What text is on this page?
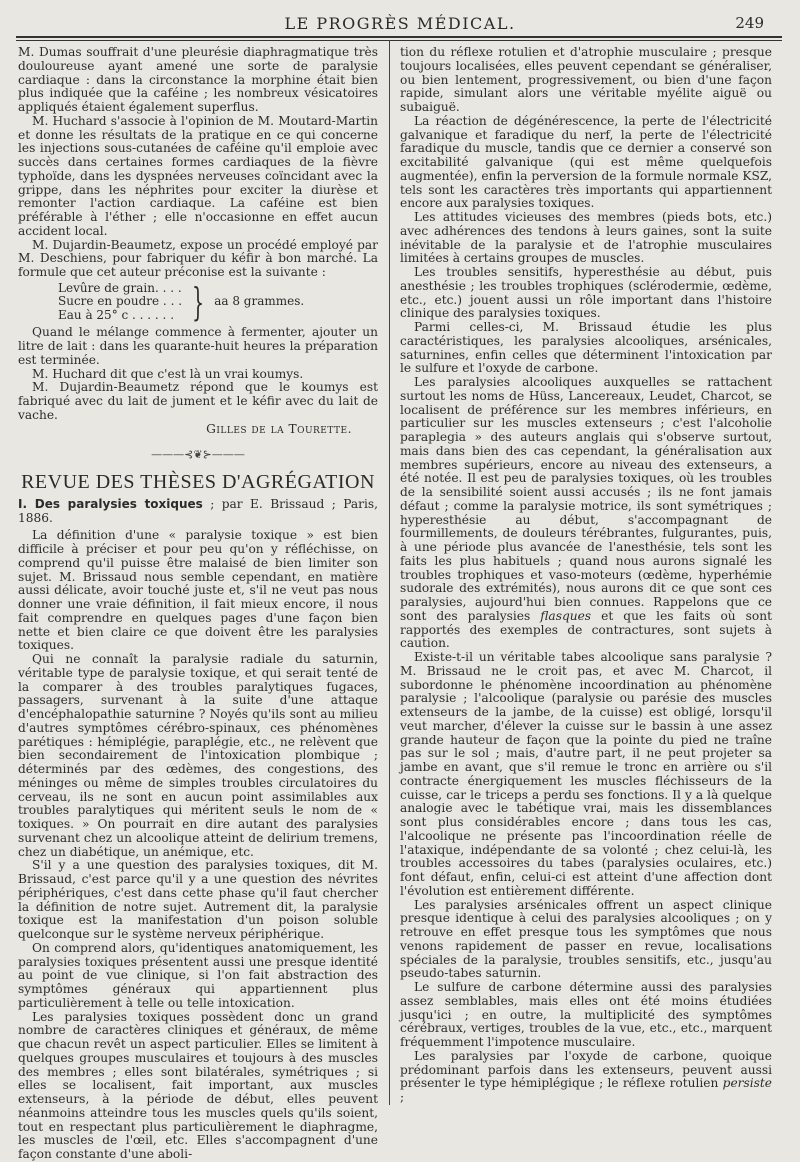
LE PROGRÈS MÉDICAL.	249

M. Dumas souffrait d'une pleurésie diaphragmatique très douloureuse ayant amené une sorte de paralysie cardiaque : dans la circonstance la morphine était bien plus indiquée que la caféine ; les nombreux vésicatoires appliqués étaient également superflus.

M. Huchard s'associe à l'opinion de M. Moutard-Martin et donne les résultats de la pratique en ce qui concerne les injections sous-cutanées de caféine qu'il emploie avec succès dans certaines formes cardiaques de la fièvre typhoïde, dans les dyspnées nerveuses coïncidant avec la grippe, dans les néphrites pour exciter la diurèse et remonter l'action cardiaque. La caféine est bien préférable à l'éther ; elle n'occasionne en effet aucun accident local.

M. Dujardin-Beaumetz, expose un procédé employé par M. Deschiens, pour fabriquer du kéfir à bon marché. La formule que cet auteur préconise est la suivante :

Levûre de grain. . . .
Sucre en poudre . . .
Eau à 25° c . . . . . . } aa 8 grammes.

Quand le mélange commence à fermenter, ajouter un litre de lait : dans les quarante-huit heures la préparation est terminée.

M. Huchard dit que c'est là un vrai koumys.

M. Dujardin-Beaumetz répond que le koumys est fabriqué avec du lait de jument et le kéfir avec du lait de vache.

Gilles de la Tourette.
———⊰❦⊱———
REVUE DES THÈSES D'AGRÉGATION

I. Des paralysies toxiques ; par E. Brissaud ; Paris, 1886.

La définition d'une « paralysie toxique » est bien difficile à préciser et pour peu qu'on y réfléchisse, on comprend qu'il puisse être malaisé de bien limiter son sujet. M. Brissaud nous semble cependant, en matière aussi délicate, avoir touché juste et, s'il ne veut pas nous donner une vraie définition, il fait mieux encore, il nous fait comprendre en quelques pages d'une façon bien nette et bien claire ce que doivent être les paralysies toxiques.

Qui ne connaît la paralysie radiale du saturnin, véritable type de paralysie toxique, et qui serait tenté de la comparer à des troubles paralytiques fugaces, passagers, survenant à la suite d'une attaque d'encéphalopathie saturnine ? Noyés qu'ils sont au milieu d'autres symptômes cérébro-spinaux, ces phénomènes parétiques : hémiplégie, paraplégie, etc., ne relèvent que bien secondairement de l'intoxication plombique ; déterminés par des œdèmes, des congestions, des méninges ou même de simples troubles circulatoires du cerveau, ils ne sont en aucun point assimilables aux troubles paralytiques qui méritent seuls le nom de « toxiques. » On pourrait en dire autant des paralysies survenant chez un alcoolique atteint de delirium tremens, chez un diabétique, un anémique, etc.

S'il y a une question des paralysies toxiques, dit M. Brissaud, c'est parce qu'il y a une question des névrites périphériques, c'est dans cette phase qu'il faut chercher la définition de notre sujet. Autrement dit, la paralysie toxique est la manifestation d'un poison soluble quelconque sur le système nerveux périphérique.

On comprend alors, qu'identiques anatomiquement, les paralysies toxiques présentent aussi une presque identité au point de vue clinique, si l'on fait abstraction des symptômes généraux qui appartiennent plus particulièrement à telle ou telle intoxication.

Les paralysies toxiques possèdent donc un grand nombre de caractères cliniques et généraux, de même que chacun revêt un aspect particulier. Elles se limitent à quelques groupes musculaires et toujours à des muscles des membres ; elles sont bilatérales, symétriques ; si elles se localisent, fait important, aux muscles extenseurs, à la période de début, elles peuvent néanmoins atteindre tous les muscles quels qu'ils soient, tout en respectant plus particulièrement le diaphragme, les muscles de l'œil, etc. Elles s'accompagnent d'une façon constante d'une aboli-

tion du réflexe rotulien et d'atrophie musculaire ; presque toujours localisées, elles peuvent cependant se généraliser, ou bien lentement, progressivement, ou bien d'une façon rapide, simulant alors une véritable myélite aiguë ou subaiguë.

La réaction de dégénérescence, la perte de l'électricité galvanique et faradique du nerf, la perte de l'électricité faradique du muscle, tandis que ce dernier a conservé son excitabilité galvanique (qui est même quelquefois augmentée), enfin la perversion de la formule normale KSZ, tels sont les caractères très importants qui appartiennent encore aux paralysies toxiques.

Les attitudes vicieuses des membres (pieds bots, etc.) avec adhérences des tendons à leurs gaines, sont la suite inévitable de la paralysie et de l'atrophie musculaires limitées à certains groupes de muscles.

Les troubles sensitifs, hyperesthésie au début, puis anesthésie ; les troubles trophiques (sclérodermie, œdème, etc., etc.) jouent aussi un rôle important dans l'histoire clinique des paralysies toxiques.

Parmi celles-ci, M. Brissaud étudie les plus caractéristiques, les paralysies alcooliques, arsénicales, saturnines, enfin celles que déterminent l'intoxication par le sulfure et l'oxyde de carbone.

Les paralysies alcooliques auxquelles se rattachent surtout les noms de Hüss, Lancereaux, Leudet, Charcot, se localisent de préférence sur les membres inférieurs, en particulier sur les muscles extenseurs ; c'est l'alcoholie paraplegia » des auteurs anglais qui s'observe surtout, mais dans bien des cas cependant, la généralisation aux membres supérieurs, encore au niveau des extenseurs, a été notée. Il est peu de paralysies toxiques, où les troubles de la sensibilité soient aussi accusés ; ils ne font jamais défaut ; comme la paralysie motrice, ils sont symétriques ; hyperesthésie au début, s'accompagnant de fourmillements, de douleurs térébrantes, fulgurantes, puis, à une période plus avancée de l'anesthésie, tels sont les faits les plus habituels ; quand nous aurons signalé les troubles trophiques et vaso-moteurs (œdème, hyperhémie sudorale des extrémités), nous aurons dit ce que sont ces paralysies, aujourd'hui bien connues. Rappelons que ce sont des paralysies flasques et que les faits où sont rapportés des exemples de contractures, sont sujets à caution.

Existe-t-il un véritable tabes alcoolique sans paralysie ? M. Brissaud ne le croit pas, et avec M. Charcot, il subordonne le phénomène incoordination au phénomène paralysie ; l'alcoolique (paralysie ou parésie des muscles extenseurs de la jambe, de la cuisse) est obligé, lorsqu'il veut marcher, d'élever la cuisse sur le bassin à une assez grande hauteur de façon que la pointe du pied ne traîne pas sur le sol ; mais, d'autre part, il ne peut projeter sa jambe en avant, que s'il remue le tronc en arrière ou s'il contracte énergiquement les muscles fléchisseurs de la cuisse, car le triceps a perdu ses fonctions. Il y a là quelque analogie avec le tabétique vrai, mais les dissemblances sont plus considérables encore ; dans tous les cas, l'alcoolique ne présente pas l'incoordination réelle de l'ataxique, indépendante de sa volonté ; chez celui-là, les troubles accessoires du tabes (paralysies oculaires, etc.) font défaut, enfin, celui-ci est atteint d'une affection dont l'évolution est entièrement différente.

Les paralysies arsénicales offrent un aspect clinique presque identique à celui des paralysies alcooliques ; on y retrouve en effet presque tous les symptômes que nous venons rapidement de passer en revue, localisations spéciales de la paralysie, troubles sensitifs, etc., jusqu'au pseudo-tabes saturnin.

Le sulfure de carbone détermine aussi des paralysies assez semblables, mais elles ont été moins étudiées jusqu'ici ; en outre, la multiplicité des symptômes cérébraux, vertiges, troubles de la vue, etc., etc., marquent fréquemment l'impotence musculaire.

Les paralysies par l'oxyde de carbone, quoique prédominant parfois dans les extenseurs, peuvent aussi présenter le type hémiplégique ; le réflexe rotulien persiste ;
